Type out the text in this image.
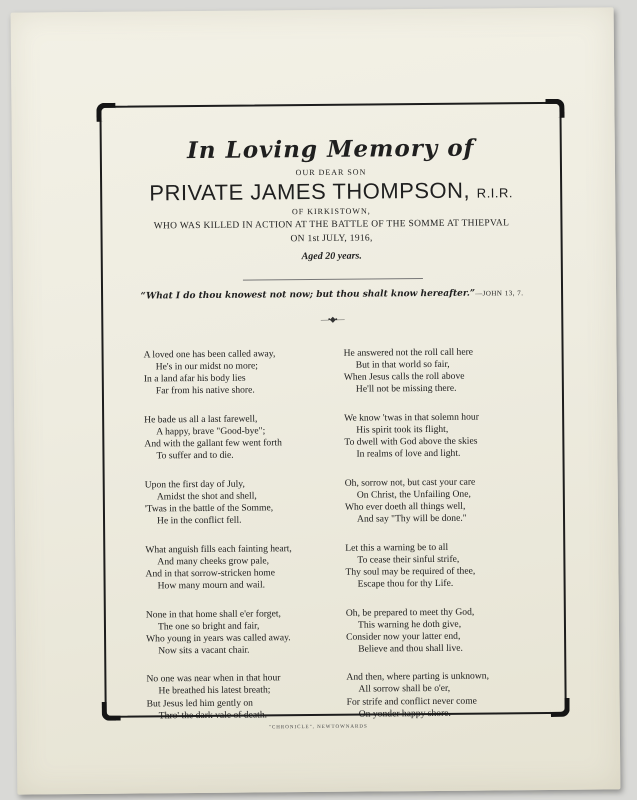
In Loving Memory of
OUR DEAR SON
PRIVATE JAMES THOMPSON, R.I.R.
OF KIRKISTOWN,
WHO WAS KILLED IN ACTION AT THE BATTLE OF THE SOMME AT THIEPVAL
ON 1st JULY, 1916,
Aged 20 years.
“What I do thou knowest not now; but thou shalt know hereafter.”—JOHN 13, 7.
—•◆•—
A loved one has been called away,
He's in our midst no more;
In a land afar his body lies
Far from his native shore.
He bade us all a last farewell,
A happy, brave "Good-bye";
And with the gallant few went forth
To suffer and to die.
Upon the first day of July,
Amidst the shot and shell,
'Twas in the battle of the Somme,
He in the conflict fell.
What anguish fills each fainting heart,
And many cheeks grow pale,
And in that sorrow-stricken home
How many mourn and wail.
None in that home shall e'er forget,
The one so bright and fair,
Who young in years was called away.
Now sits a vacant chair.
No one was near when in that hour
He breathed his latest breath;
But Jesus led him gently on
Thro' the dark vale of death.
He answered not the roll call here
But in that world so fair,
When Jesus calls the roll above
He'll not be missing there.
We know 'twas in that solemn hour
His spirit took its flight,
To dwell with God above the skies
In realms of love and light.
Oh, sorrow not, but cast your care
On Christ, the Unfailing One,
Who ever doeth all things well,
And say "Thy will be done."
Let this a warning be to all
To cease their sinful strife,
Thy soul may be required of thee,
Escape thou for thy Life.
Oh, be prepared to meet thy God,
This warning he doth give,
Consider now your latter end,
Believe and thou shall live.
And then, where parting is unknown,
All sorrow shall be o'er,
For strife and conflict never come
On yonder happy shore.
"CHRONICLE", NEWTOWNARDS
